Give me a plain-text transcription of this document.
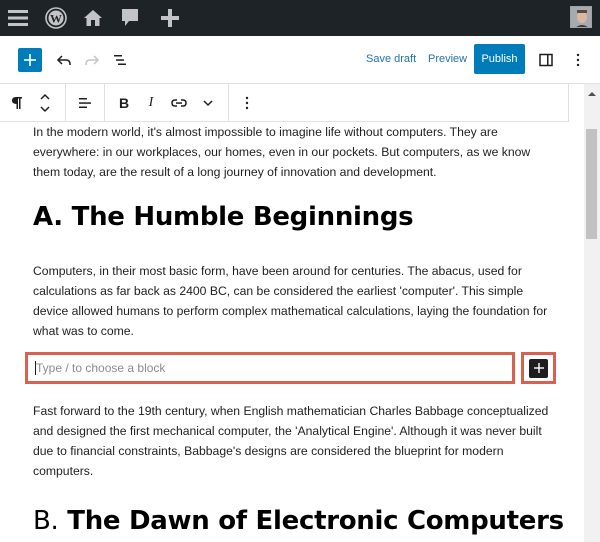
W
Save draft Preview	Publish
B	I

In the modern world, it's almost impossible to imagine life without computers. They are everywhere: in our workplaces, our homes, even in our pockets. But computers, as we know them today, are the result of a long journey of innovation and development.

A. The Humble Beginnings

Computers, in their most basic form, have been around for centuries. The abacus, used for calculations as far back as 2400 BC, can be considered the earliest 'computer'. This simple device allowed humans to perform complex mathematical calculations, laying the foundation for what was to come.

Type / to choose a block

Fast forward to the 19th century, when English mathematician Charles Babbage conceptualized and designed the first mechanical computer, the 'Analytical Engine'. Although it was never built due to financial constraints, Babbage's designs are considered the blueprint for modern computers.

B. The Dawn of Electronic Computers
